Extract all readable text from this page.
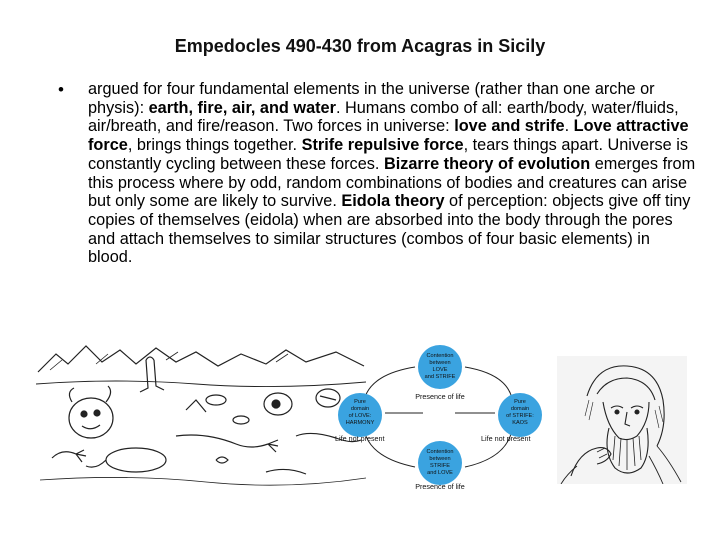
Empedocles 490-430 from Acagras in Sicily
• argued for four fundamental elements in the universe (rather than one arche or physis): earth, fire, air, and water. Humans combo of all: earth/body, water/fluids, air/breath, and fire/reason. Two forces in universe: love and strife. Love attractive force, brings things together. Strife repulsive force, tears things apart. Universe is constantly cycling between these forces. Bizarre theory of evolution emerges from this process where by odd, random combinations of bodies and creatures can arise but only some are likely to survive. Eidola theory of perception: objects give off tiny copies of themselves (eidola) when are absorbed into the body through the pores and attach themselves to similar structures (combos of four basic elements) in blood.
Contention
between
LOVE
and STRIFE
Pure
domain
of LOVE:
HARMONY
Pure
domain
of STRIFE:
KAOS
Contention
between
STRIFE
and LOVE
Presence of life
Presence of life
Life not present	Life not present
